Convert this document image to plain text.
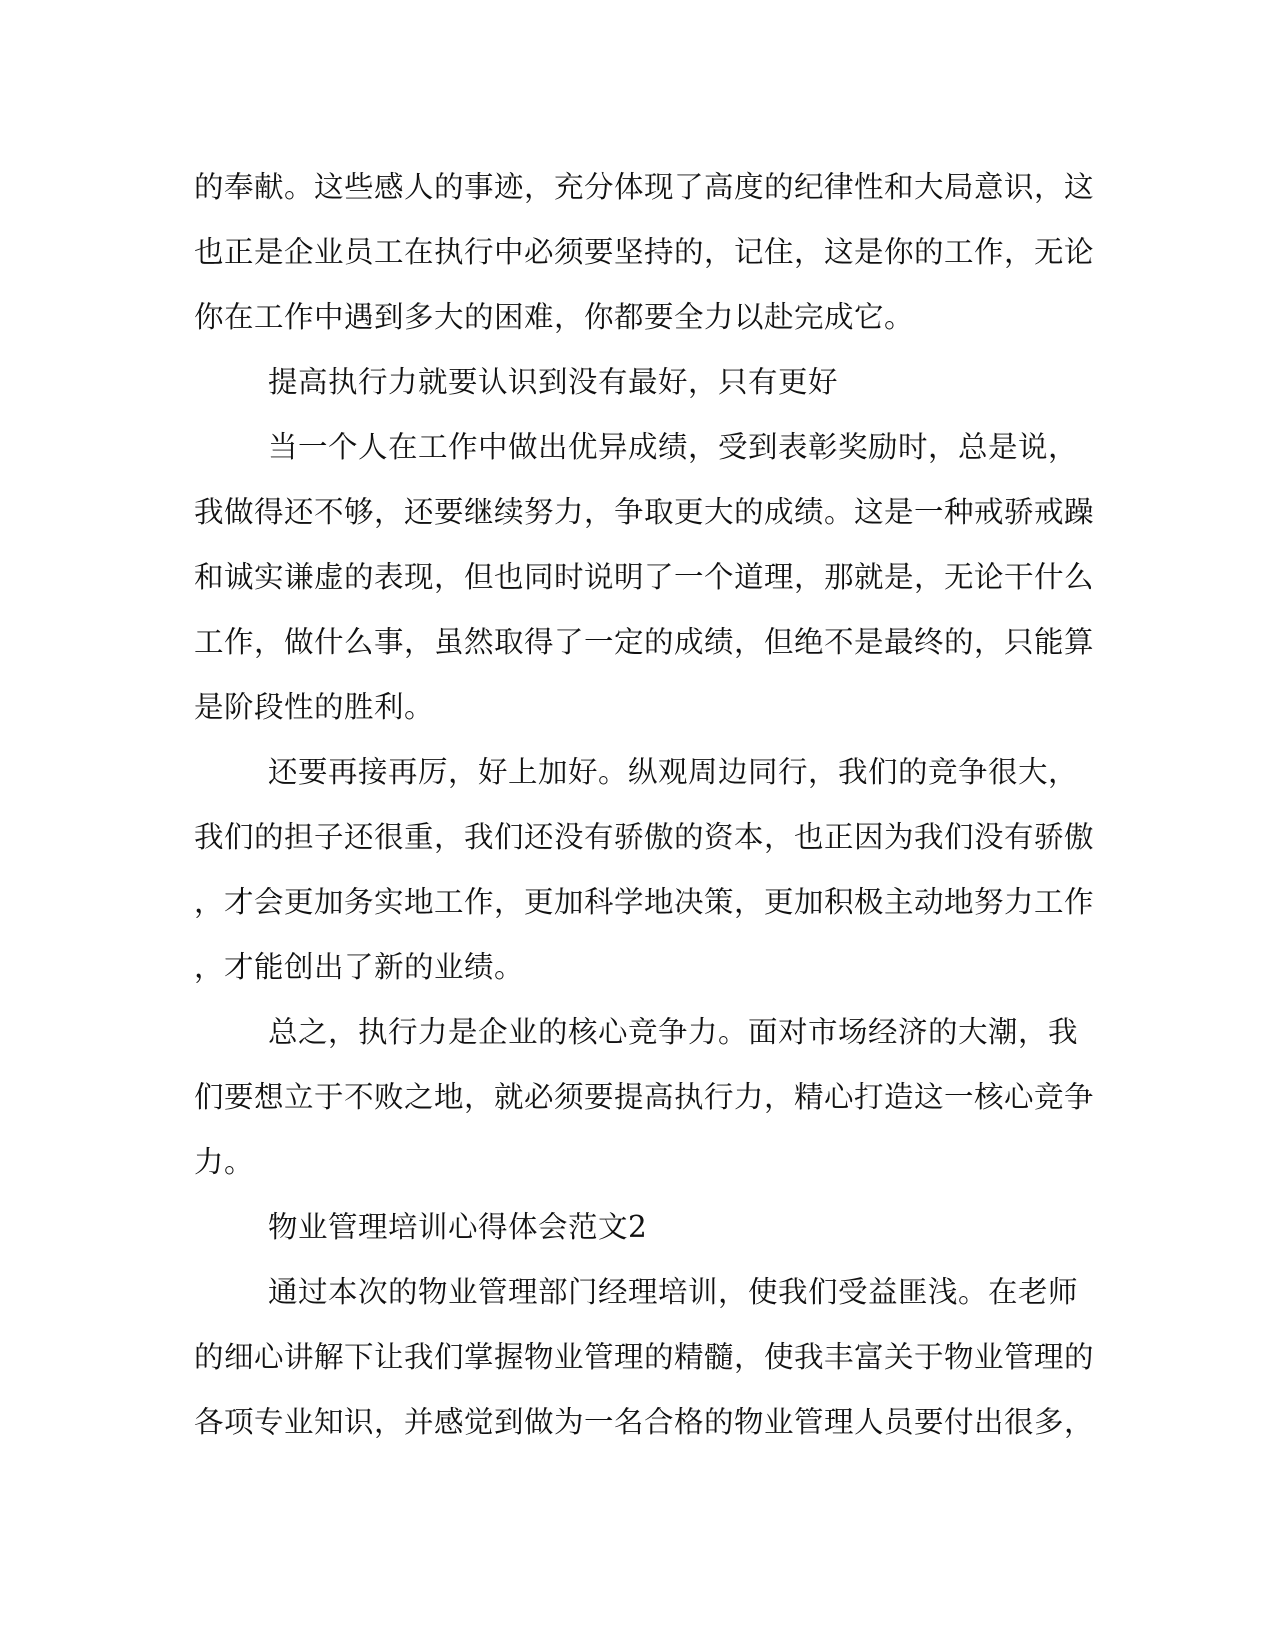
的奉献。这些感人的事迹，充分体现了高度的纪律性和大局意识，这
也正是企业员工在执行中必须要坚持的，记住，这是你的工作，无论
你在工作中遇到多大的困难，你都要全力以赴完成它。
提高执行力就要认识到没有最好，只有更好
当一个人在工作中做出优异成绩，受到表彰奖励时，总是说，
我做得还不够，还要继续努力，争取更大的成绩。这是一种戒骄戒躁
和诚实谦虚的表现，但也同时说明了一个道理，那就是，无论干什么
工作，做什么事，虽然取得了一定的成绩，但绝不是最终的，只能算
是阶段性的胜利。
还要再接再厉，好上加好。纵观周边同行，我们的竞争很大，
我们的担子还很重，我们还没有骄傲的资本，也正因为我们没有骄傲
，才会更加务实地工作，更加科学地决策，更加积极主动地努力工作
，才能创出了新的业绩。
总之，执行力是企业的核心竞争力。面对市场经济的大潮，我
们要想立于不败之地，就必须要提高执行力，精心打造这一核心竞争
力。
物业管理培训心得体会范文2
通过本次的物业管理部门经理培训，使我们受益匪浅。在老师
的细心讲解下让我们掌握物业管理的精髓，使我丰富关于物业管理的
各项专业知识，并感觉到做为一名合格的物业管理人员要付出很多，
